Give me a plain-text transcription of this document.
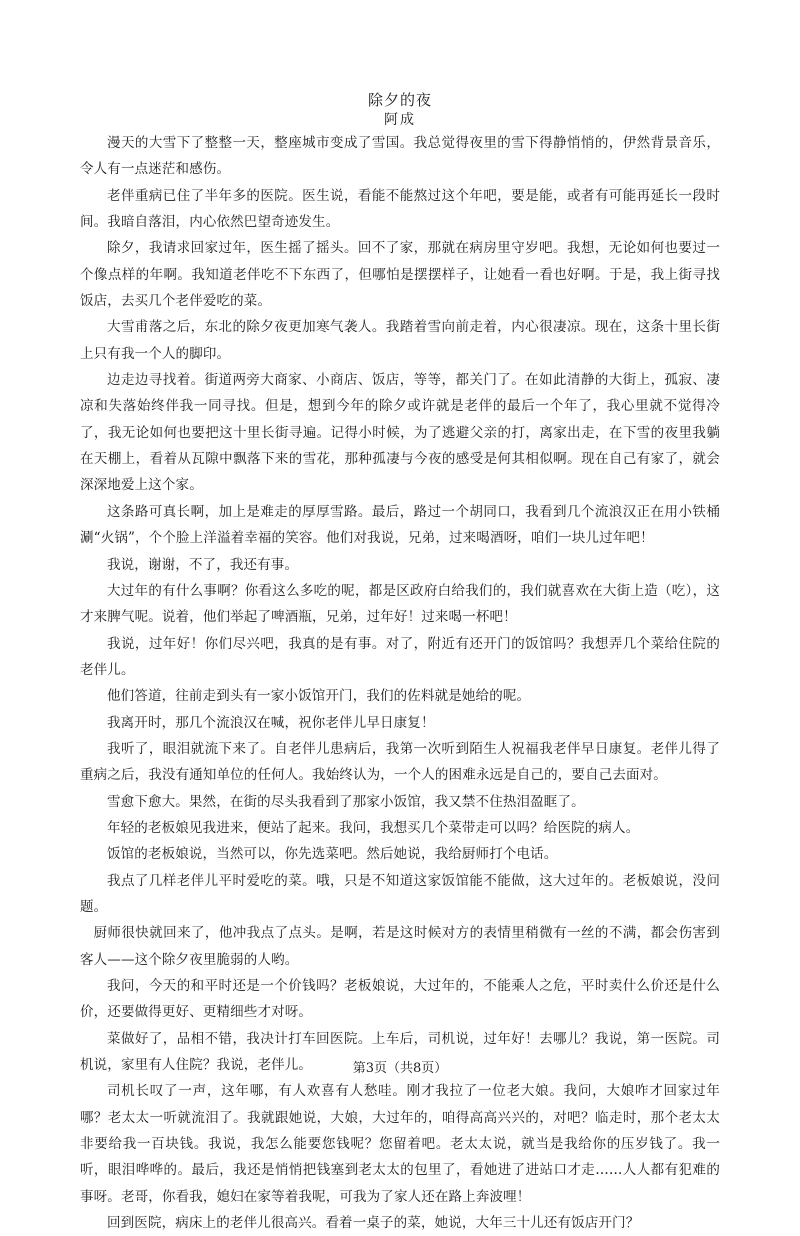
除夕的夜
阿成

漫天的大雪下了整整一天，整座城市变成了雪国。我总觉得夜里的雪下得静悄悄的，伊然背景音乐，令人有一点迷茫和感伤。

老伴重病已住了半年多的医院。医生说，看能不能熬过这个年吧，要是能，或者有可能再延长一段时间。我暗自落泪，内心依然巴望奇迹发生。

除夕，我请求回家过年，医生摇了摇头。回不了家，那就在病房里守岁吧。我想，无论如何也要过一个像点样的年啊。我知道老伴吃不下东西了，但哪怕是摆摆样子，让她看一看也好啊。于是，我上街寻找饭店，去买几个老伴爱吃的菜。

大雪甫落之后，东北的除夕夜更加寒气袭人。我踏着雪向前走着，内心很凄凉。现在，这条十里长街上只有我一个人的脚印。

边走边寻找着。街道两旁大商家、小商店、饭店，等等，都关门了。在如此清静的大街上，孤寂、凄凉和失落始终伴我一同寻找。但是，想到今年的除夕或许就是老伴的最后一个年了，我心里就不觉得冷了，我无论如何也要把这十里长街寻遍。记得小时候，为了逃避父亲的打，离家出走，在下雪的夜里我躺在天棚上，看着从瓦隙中飘落下来的雪花，那种孤凄与今夜的感受是何其相似啊。现在自己有家了，就会深深地爱上这个家。

这条路可真长啊，加上是难走的厚厚雪路。最后，路过一个胡同口，我看到几个流浪汉正在用小铁桶涮“火锅”，个个脸上洋溢着幸福的笑容。他们对我说，兄弟，过来喝酒呀，咱们一块儿过年吧！

我说，谢谢，不了，我还有事。

大过年的有什么事啊？你看这么多吃的呢，都是区政府白给我们的，我们就喜欢在大街上造（吃），这才来脾气呢。说着，他们举起了啤酒瓶，兄弟，过年好！过来喝一杯吧！

我说，过年好！你们尽兴吧，我真的是有事。对了，附近有还开门的饭馆吗？我想弄几个菜给住院的老伴儿。

他们答道，往前走到头有一家小饭馆开门，我们的佐料就是她给的呢。

我离开时，那几个流浪汉在喊，祝你老伴儿早日康复！

我听了，眼泪就流下来了。自老伴儿患病后，我第一次听到陌生人祝福我老伴早日康复。老伴儿得了重病之后，我没有通知单位的任何人。我始终认为，一个人的困难永远是自己的，要自己去面对。

雪愈下愈大。果然，在街的尽头我看到了那家小饭馆，我又禁不住热泪盈眶了。

年轻的老板娘见我进来，便站了起来。我问，我想买几个菜带走可以吗？给医院的病人。

饭馆的老板娘说，当然可以，你先选菜吧。然后她说，我给厨师打个电话。

我点了几样老伴儿平时爱吃的菜。哦，只是不知道这家饭馆能不能做，这大过年的。老板娘说，没问题。

厨师很快就回来了，他冲我点了点头。是啊，若是这时候对方的表情里稍微有一丝的不满，都会伤害到客人——这个除夕夜里脆弱的人哟。

我问，今天的和平时还是一个价钱吗？老板娘说，大过年的，不能乘人之危，平时卖什么价还是什么价，还要做得更好、更精细些才对呀。

菜做好了，品相不错，我决计打车回医院。上车后，司机说，过年好！去哪儿？我说，第一医院。司机说，家里有人住院？我说，老伴儿。

司机长叹了一声，这年哪，有人欢喜有人愁哇。刚才我拉了一位老大娘。我问，大娘咋才回家过年哪？老太太一听就流泪了。我就跟她说，大娘，大过年的，咱得高高兴兴的，对吧？临走时，那个老太太非要给我一百块钱。我说，我怎么能要您钱呢？您留着吧。老太太说，就当是我给你的压岁钱了。我一听，眼泪哗哗的。最后，我还是悄悄把钱塞到老太太的包里了，看她进了进站口才走……人人都有犯难的事呀。老哥，你看我，媳妇在家等着我呢，可我为了家人还在路上奔波哩！

回到医院，病床上的老伴儿很高兴。看着一桌子的菜，她说，大年三十儿还有饭店开门？

第3页（共8页）
